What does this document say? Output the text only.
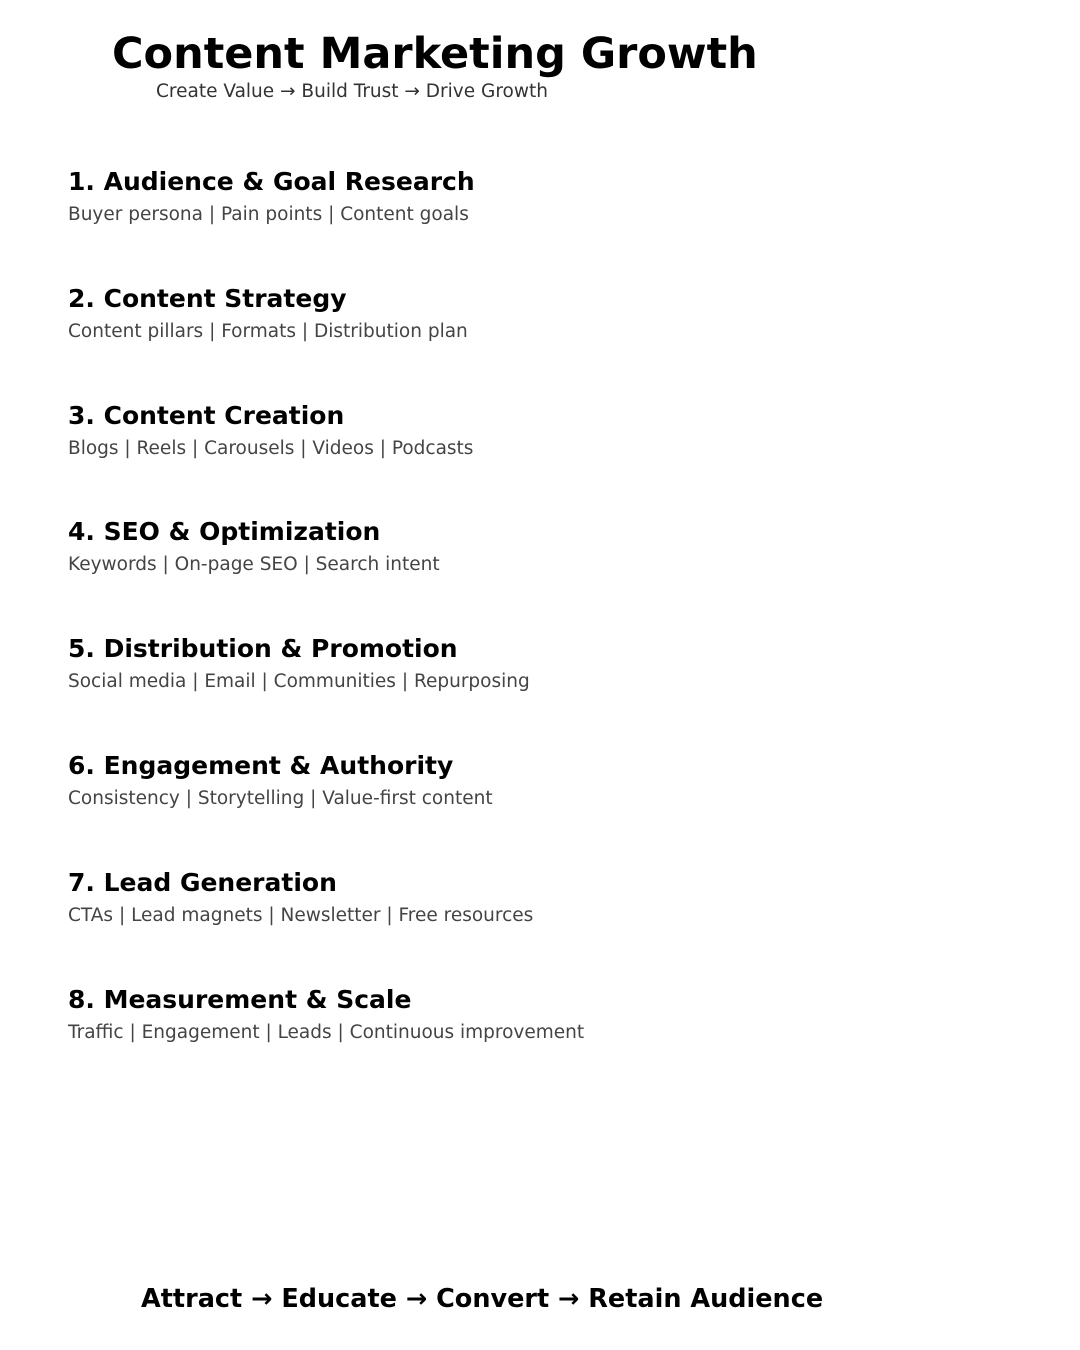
Content Marketing Growth

Create Value → Build Trust → Drive Growth

1. Audience & Goal Research
Buyer persona | Pain points | Content goals
2. Content Strategy
Content pillars | Formats | Distribution plan
3. Content Creation
Blogs | Reels | Carousels | Videos | Podcasts
4. SEO & Optimization
Keywords | On-page SEO | Search intent
5. Distribution & Promotion
Social media | Email | Communities | Repurposing
6. Engagement & Authority
Consistency | Storytelling | Value-first content
7. Lead Generation
CTAs | Lead magnets | Newsletter | Free resources
8. Measurement & Scale
Traffic | Engagement | Leads | Continuous improvement

Attract → Educate → Convert → Retain Audience
